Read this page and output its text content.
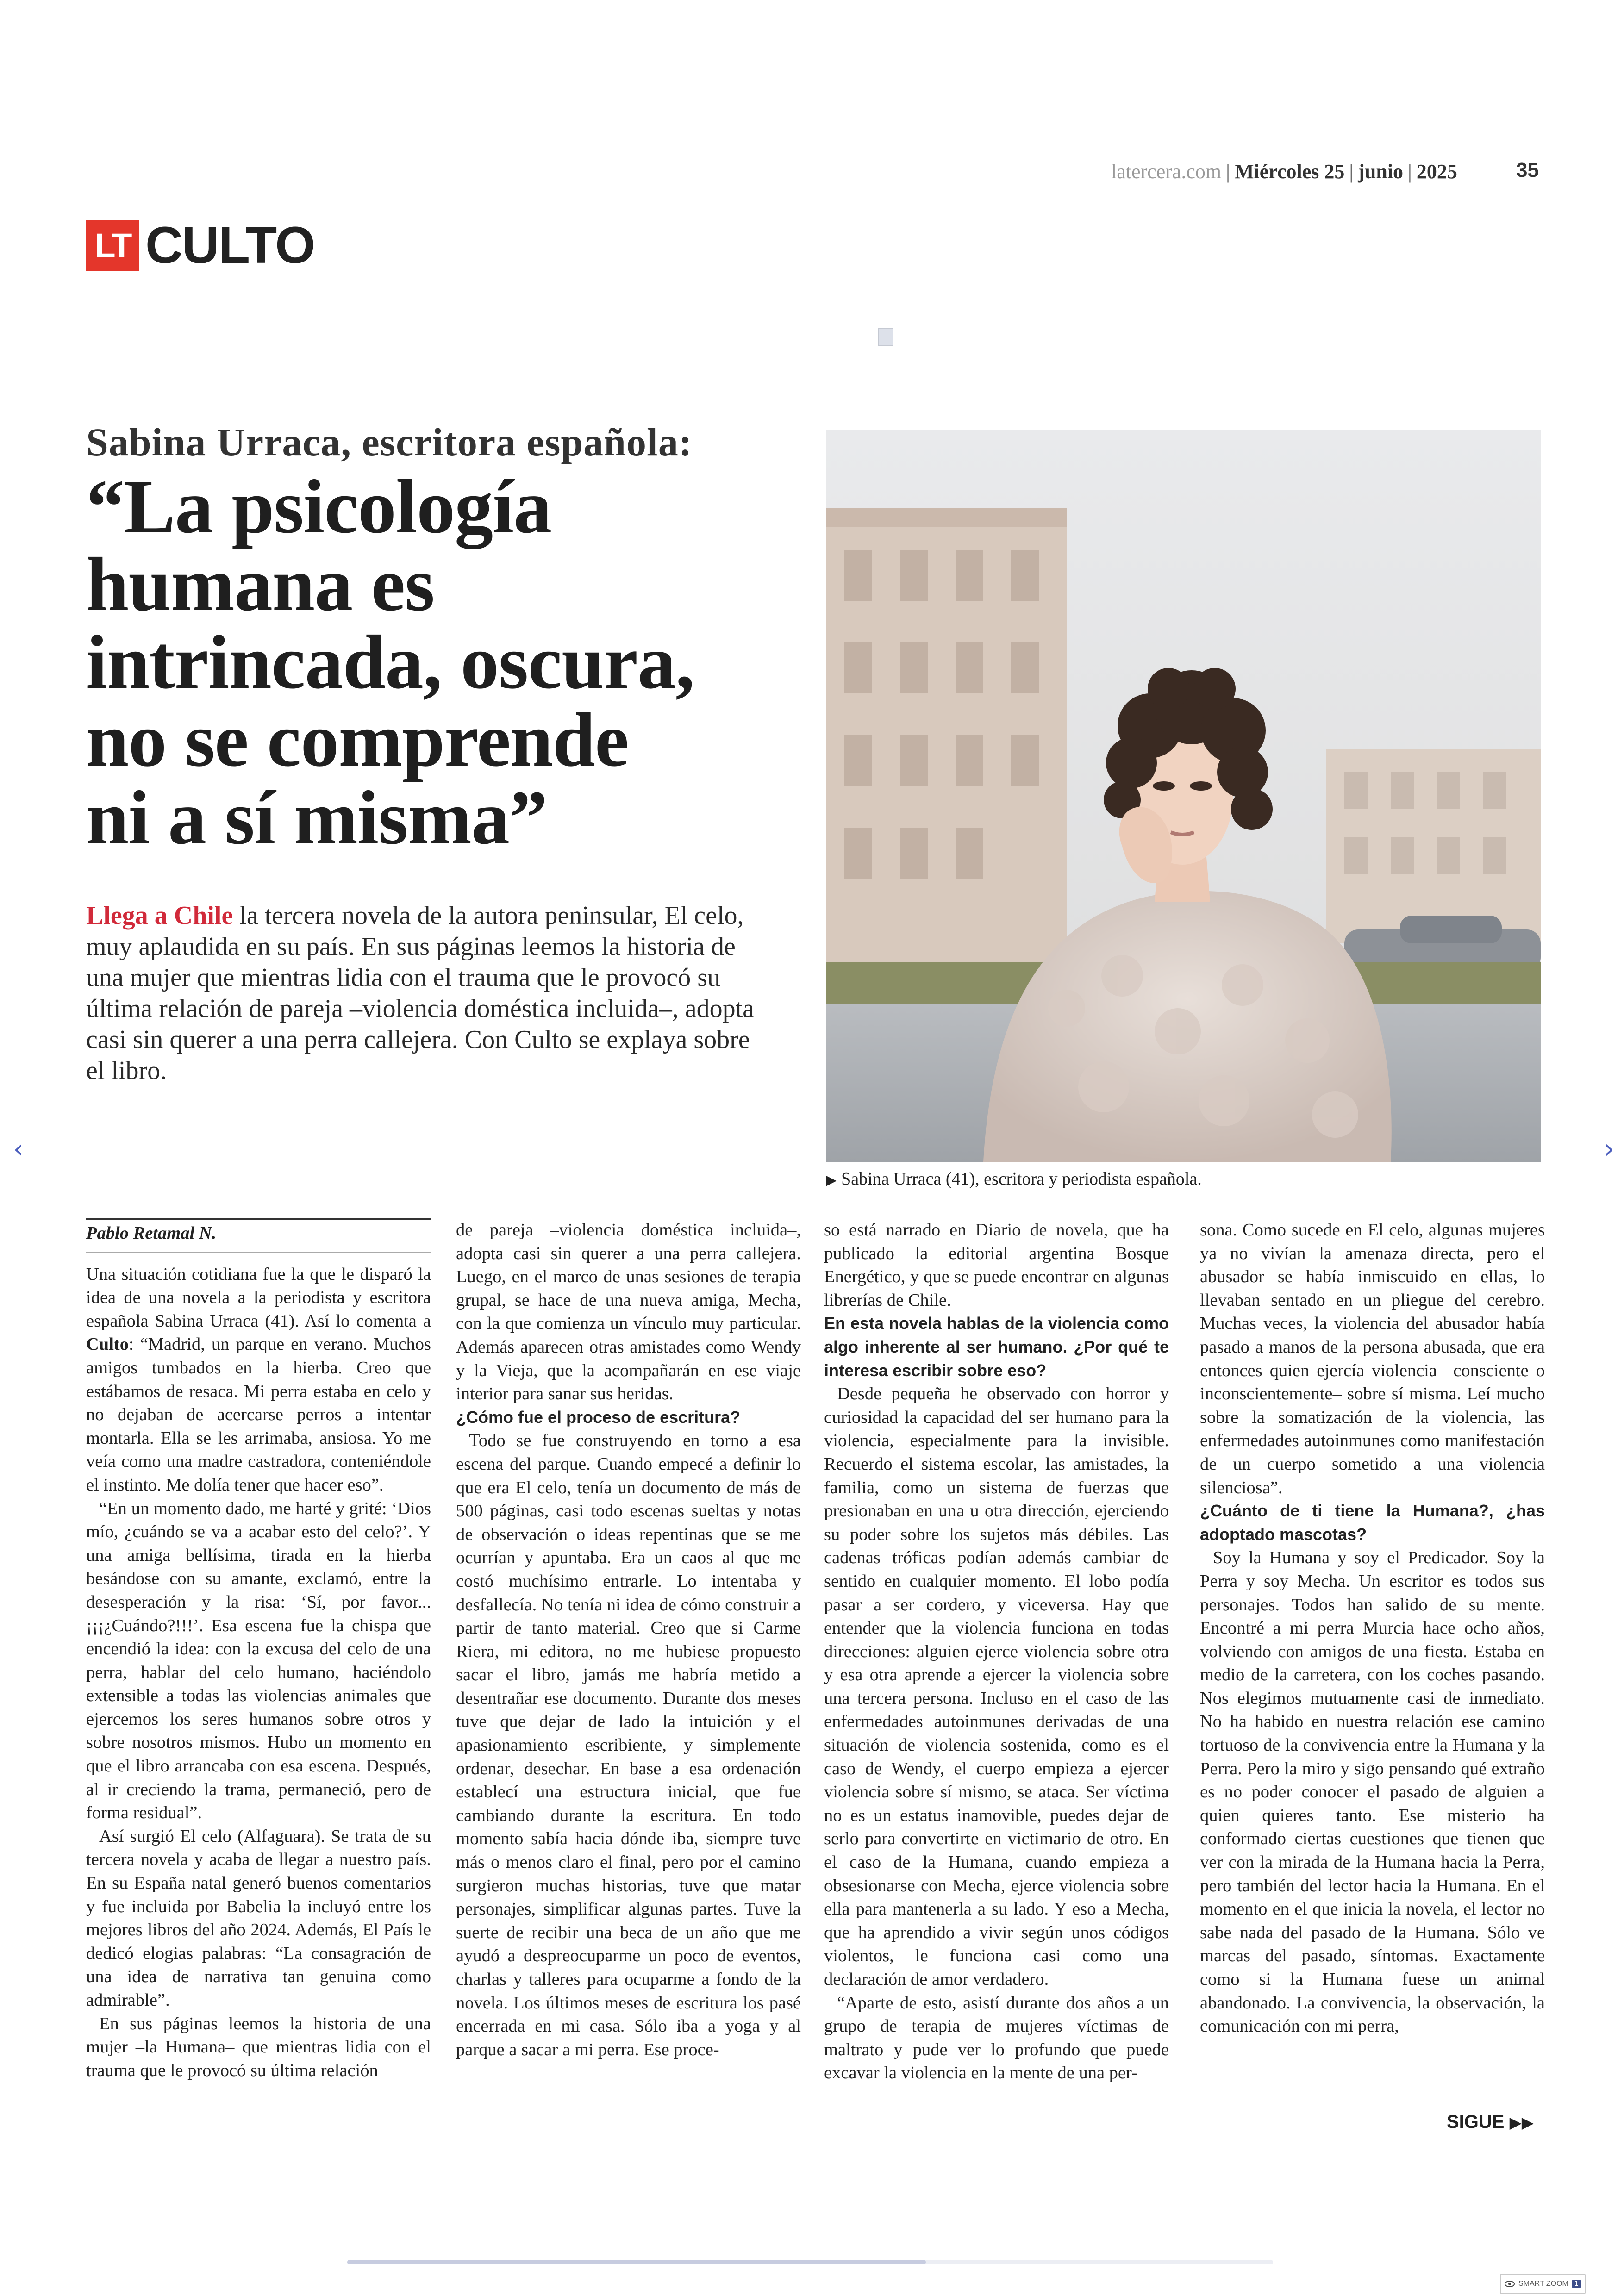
latercera.com | Miércoles 25 | junio | 2025	35
LT CULTO
Sabina Urraca, escritora española:
“La psicología
humana es
intrincada, oscura,
no se comprende
ni a sí misma”
Llega a Chile la tercera novela de la autora peninsular, El celo, muy aplaudida en su país. En sus páginas leemos la historia de una mujer que mientras lidia con el trauma que le provocó su última relación de pareja –violencia doméstica incluida–, adopta casi sin querer a una perra callejera. Con Culto se explaya sobre el libro.
▶ Sabina Urraca (41), escritora y periodista española.
‹	›

Pablo Retamal N.

Una situación cotidiana fue la que le disparó la idea de una novela a la periodista y escritora española Sabina Urraca (41). Así lo comenta a Culto: “Madrid, un parque en verano. Muchos amigos tumbados en la hierba. Creo que estábamos de resaca. Mi perra estaba en celo y no dejaban de acercarse perros a intentar montarla. Ella se les arrimaba, ansiosa. Yo me veía como una madre castradora, conteniéndole el instinto. Me dolía tener que hacer eso”.

“En un momento dado, me harté y grité: ‘Dios mío, ¿cuándo se va a acabar esto del celo?’. Y una amiga bellísima, tirada en la hierba besándose con su amante, exclamó, entre la desesperación y la risa: ‘Sí, por favor... ¡¡¡¿Cuándo?!!!’. Esa escena fue la chispa que encendió la idea: con la excusa del celo de una perra, hablar del celo humano, haciéndolo extensible a todas las violencias animales que ejercemos los seres humanos sobre otros y sobre nosotros mismos. Hubo un momento en que el libro arrancaba con esa escena. Después, al ir creciendo la trama, permaneció, pero de forma residual”.

Así surgió El celo (Alfaguara). Se trata de su tercera novela y acaba de llegar a nuestro país. En su España natal generó buenos comentarios y fue incluida por Babelia la incluyó entre los mejores libros del año 2024. Además, El País le dedicó elogias palabras: “La consagración de una idea de narrativa tan genuina como admirable”.

En sus páginas leemos la historia de una mujer –la Humana– que mientras lidia con el trauma que le provocó su última relación

de pareja –violencia doméstica incluida–, adopta casi sin querer a una perra callejera. Luego, en el marco de unas sesiones de terapia grupal, se hace de una nueva amiga, Mecha, con la que comienza un vínculo muy particular. Además aparecen otras amistades como Wendy y la Vieja, que la acompañarán en ese viaje interior para sanar sus heridas.

¿Cómo fue el proceso de escritura?

Todo se fue construyendo en torno a esa escena del parque. Cuando empecé a definir lo que era El celo, tenía un documento de más de 500 páginas, casi todo escenas sueltas y notas de observación o ideas repentinas que se me ocurrían y apuntaba. Era un caos al que me costó muchísimo entrarle. Lo intentaba y desfallecía. No tenía ni idea de cómo construir a partir de tanto material. Creo que si Carme Riera, mi editora, no me hubiese propuesto sacar el libro, jamás me habría metido a desentrañar ese documento. Durante dos meses tuve que dejar de lado la intuición y el apasionamiento escribiente, y simplemente ordenar, desechar. En base a esa ordenación establecí una estructura inicial, que fue cambiando durante la escritura. En todo momento sabía hacia dónde iba, siempre tuve más o menos claro el final, pero por el camino surgieron muchas historias, tuve que matar personajes, simplificar algunas partes. Tuve la suerte de recibir una beca de un año que me ayudó a despreocuparme un poco de eventos, charlas y talleres para ocuparme a fondo de la novela. Los últimos meses de escritura los pasé encerrada en mi casa. Sólo iba a yoga y al parque a sacar a mi perra. Ese proce-

so está narrado en Diario de novela, que ha publicado la editorial argentina Bosque Energético, y que se puede encontrar en algunas librerías de Chile.

En esta novela hablas de la violencia como algo inherente al ser humano. ¿Por qué te interesa escribir sobre eso?

Desde pequeña he observado con horror y curiosidad la capacidad del ser humano para la violencia, especialmente para la invisible. Recuerdo el sistema escolar, las amistades, la familia, como un sistema de fuerzas que presionaban en una u otra dirección, ejerciendo su poder sobre los sujetos más débiles. Las cadenas tróficas podían además cambiar de sentido en cualquier momento. El lobo podía pasar a ser cordero, y viceversa. Hay que entender que la violencia funciona en todas direcciones: alguien ejerce violencia sobre otra y esa otra aprende a ejercer la violencia sobre una tercera persona. Incluso en el caso de las enfermedades autoinmunes derivadas de una situación de violencia sostenida, como es el caso de Wendy, el cuerpo empieza a ejercer violencia sobre sí mismo, se ataca. Ser víctima no es un estatus inamovible, puedes dejar de serlo para convertirte en victimario de otro. En el caso de la Humana, cuando empieza a obsesionarse con Mecha, ejerce violencia sobre ella para mantenerla a su lado. Y eso a Mecha, que ha aprendido a vivir según unos códigos violentos, le funciona casi como una declaración de amor verdadero.

“Aparte de esto, asistí durante dos años a un grupo de terapia de mujeres víctimas de maltrato y pude ver lo profundo que puede excavar la violencia en la mente de una per-

sona. Como sucede en El celo, algunas mujeres ya no vivían la amenaza directa, pero el abusador se había inmiscuido en ellas, lo llevaban sentado en un pliegue del cerebro. Muchas veces, la violencia del abusador había pasado a manos de la persona abusada, que era entonces quien ejercía violencia –consciente o inconscientemente– sobre sí misma. Leí mucho sobre la somatización de la violencia, las enfermedades autoinmunes como manifestación de un cuerpo sometido a una violencia silenciosa”.

¿Cuánto de ti tiene la Humana?, ¿has adoptado mascotas?

Soy la Humana y soy el Predicador. Soy la Perra y soy Mecha. Un escritor es todos sus personajes. Todos han salido de su mente. Encontré a mi perra Murcia hace ocho años, volviendo con amigos de una fiesta. Estaba en medio de la carretera, con los coches pasando. Nos elegimos mutuamente casi de inmediato. No ha habido en nuestra relación ese camino tortuoso de la convivencia entre la Humana y la Perra. Pero la miro y sigo pensando qué extraño es no poder conocer el pasado de alguien a quien quieres tanto. Ese misterio ha conformado ciertas cuestiones que tienen que ver con la mirada de la Humana hacia la Perra, pero también del lector hacia la Humana. En el momento en el que inicia la novela, el lector no sabe nada del pasado de la Humana. Sólo ve marcas del pasado, síntomas. Exactamente como si la Humana fuese un animal abandonado. La convivencia, la observación, la comunicación con mi perra,

SIGUE ▶▶
SMART ZOOM 1
